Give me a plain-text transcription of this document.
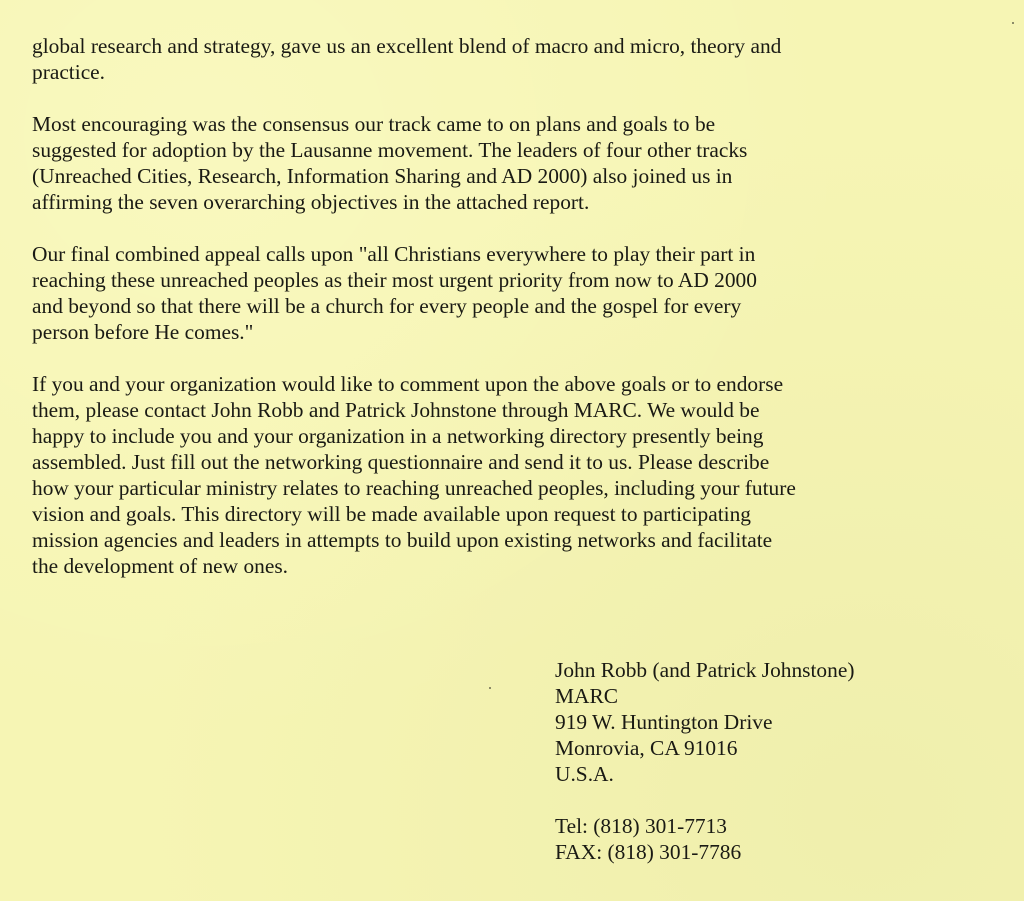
global research and strategy, gave us an excellent blend of macro and micro, theory and
practice.

Most encouraging was the consensus our track came to on plans and goals to be
suggested for adoption by the Lausanne movement. The leaders of four other tracks
(Unreached Cities, Research, Information Sharing and AD 2000) also joined us in
affirming the seven overarching objectives in the attached report.

Our final combined appeal calls upon "all Christians everywhere to play their part in
reaching these unreached peoples as their most urgent priority from now to AD 2000
and beyond so that there will be a church for every people and the gospel for every
person before He comes."

If you and your organization would like to comment upon the above goals or to endorse
them, please contact John Robb and Patrick Johnstone through MARC. We would be
happy to include you and your organization in a networking directory presently being
assembled. Just fill out the networking questionnaire and send it to us. Please describe
how your particular ministry relates to reaching unreached peoples, including your future
vision and goals. This directory will be made available upon request to participating
mission agencies and leaders in attempts to build upon existing networks and facilitate
the development of new ones.

John Robb (and Patrick Johnstone)
MARC
919 W. Huntington Drive
Monrovia, CA 91016
U.S.A.
Tel: (818) 301-7713
FAX: (818) 301-7786
